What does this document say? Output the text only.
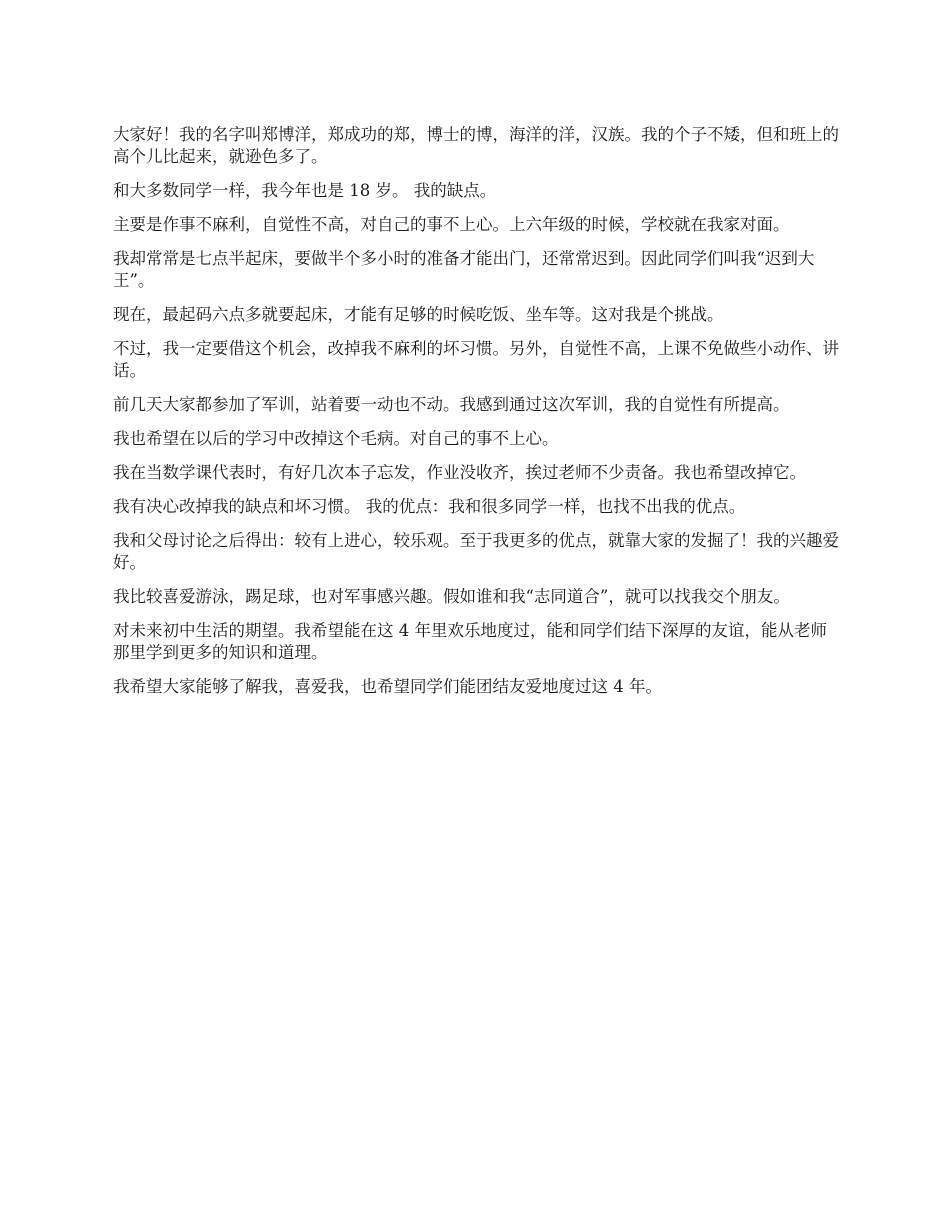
大家好！我的名字叫郑博洋，郑成功的郑，博士的博，海洋的洋，汉族。我的个子不矮，但和班上的高个儿比起来，就逊色多了。

和大多数同学一样，我今年也是 18 岁。 我的缺点。

主要是作事不麻利，自觉性不高，对自己的事不上心。上六年级的时候，学校就在我家对面。

我却常常是七点半起床，要做半个多小时的准备才能出门，还常常迟到。因此同学们叫我“迟到大王”。

现在，最起码六点多就要起床，才能有足够的时候吃饭、坐车等。这对我是个挑战。

不过，我一定要借这个机会，改掉我不麻利的坏习惯。另外，自觉性不高，上课不免做些小动作、讲话。

前几天大家都参加了军训，站着要一动也不动。我感到通过这次军训，我的自觉性有所提高。

我也希望在以后的学习中改掉这个毛病。对自己的事不上心。

我在当数学课代表时，有好几次本子忘发，作业没收齐，挨过老师不少责备。我也希望改掉它。

我有决心改掉我的缺点和坏习惯。 我的优点：我和很多同学一样，也找不出我的优点。

我和父母讨论之后得出：较有上进心，较乐观。至于我更多的优点，就靠大家的发掘了！我的兴趣爱好。

我比较喜爱游泳，踢足球，也对军事感兴趣。假如谁和我“志同道合”，就可以找我交个朋友。

对未来初中生活的期望。我希望能在这 4 年里欢乐地度过，能和同学们结下深厚的友谊，能从老师那里学到更多的知识和道理。

我希望大家能够了解我，喜爱我，也希望同学们能团结友爱地度过这 4 年。
